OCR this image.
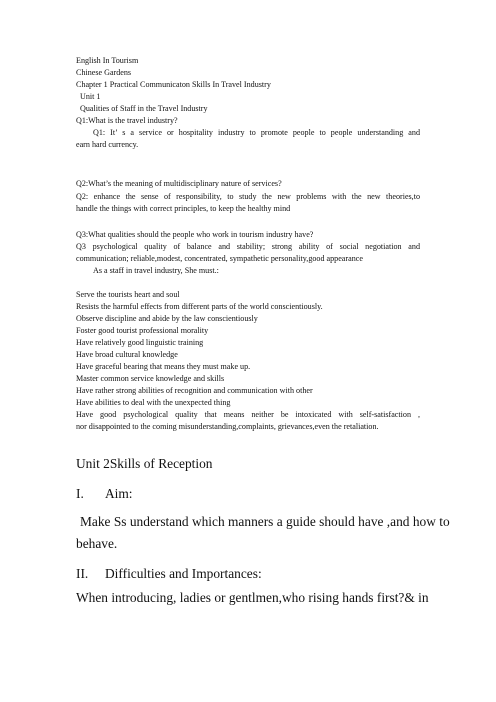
English In Tourism
Chinese Gardens
Chapter 1 Practical Communicaton Skills In Travel Industry
Unit 1
Qualities of Staff in the Travel Industry
Q1:What is the travel industry?
Q1: It’ s a service or hospitality industry to promote people to people understanding and
earn hard currency.
Q2:What’s the meaning of multidisciplinary nature of services?
Q2: enhance the sense of responsibility, to study the new problems with the new theories,to
handle the things with correct principles, to keep the healthy mind
Q3:What qualities should the people who work in tourism industry have?
Q3 psychological quality of balance and stability; strong ability of social negotiation and
communication; reliable,modest, concentrated, sympathetic personality,good appearance
As a staff in travel industry, She must.:
Serve the tourists heart and soul
Resists the harmful effects from different parts of the world conscientiously.
Observe discipline and abide by the law conscientiously
Foster good tourist professional morality
Have relatively good linguistic training
Have broad cultural knowledge
Have graceful bearing that means they must make up.
Master common service knowledge and skills
Have rather strong abilities of recognition and communication with other
Have abilities to deal with the unexpected thing
Have good psychological quality that means neither be intoxicated with self-satisfaction ,
nor disappointed to the coming misunderstanding,complaints, grievances,even the retaliation.
Unit 2Skills of Reception
I. Aim:
Make Ss understand which manners a guide should have ,and how to
behave.
II. Difficulties and Importances:
When introducing, ladies or gentlmen,who rising hands first?& in
